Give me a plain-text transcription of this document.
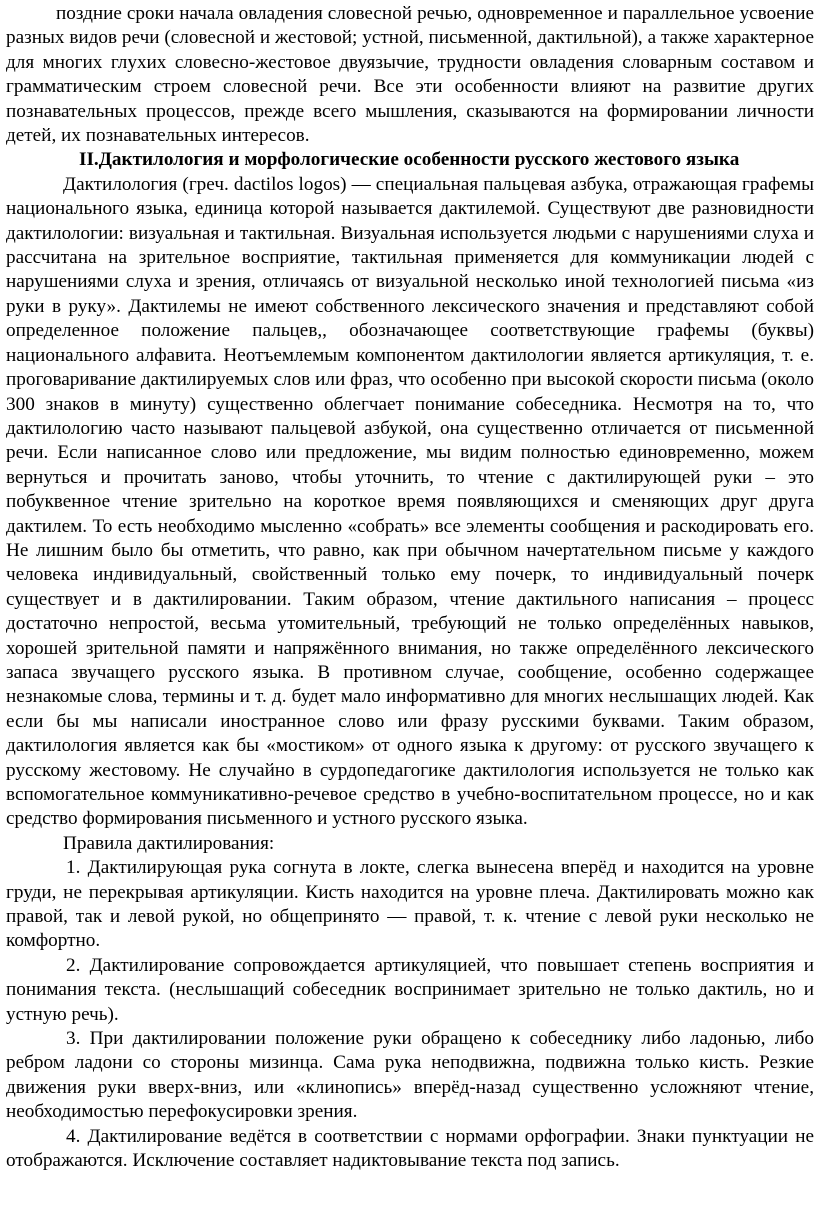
поздние сроки начала овладения словесной речью, одновременное и параллельное усвоение разных видов речи (словесной и жестовой; устной, письменной, дактильной), а также характерное для многих глухих словесно-жестовое двуязычие, трудности овладения словарным составом и грамматическим строем словесной речи. Все эти особенности влияют на развитие других познавательных процессов, прежде всего мышления, сказываются на формировании личности детей, их познавательных интересов.

II.Дактилология и морфологические особенности русского жестового языка

Дактилология (греч. dactilos logos) — специальная пальцевая азбука, отражающая графемы национального языка, единица которой называется дактилемой. Существуют две разновидности дактилологии: визуальная и тактильная. Визуальная используется людьми с нарушениями слуха и рассчитана на зрительное восприятие, тактильная применяется для коммуникации людей с нарушениями слуха и зрения, отличаясь от визуальной несколько иной технологией письма «из руки в руку». Дактилемы не имеют собственного лексического значения и представляют собой определенное положение пальцев,, обозначающее соответствующие графемы (буквы) национального алфавита. Неотъемлемым компонентом дактилологии является артикуляция, т. е. проговаривание дактилируемых слов или фраз, что особенно при высокой скорости письма (около 300 знаков в минуту) существенно облегчает понимание собеседника. Несмотря на то, что дактилологию часто называют пальцевой азбукой, она существенно отличается от письменной речи. Если написанное слово или предложение, мы видим полностью единовременно, можем вернуться и прочитать заново, чтобы уточнить, то чтение с дактилирующей руки – это побуквенное чтение зрительно на короткое время появляющихся и сменяющих друг друга дактилем. То есть необходимо мысленно «собрать» все элементы сообщения и раскодировать его. Не лишним было бы отметить, что равно, как при обычном начертательном письме у каждого человека индивидуальный, свойственный только ему почерк, то индивидуальный почерк существует и в дактилировании. Таким образом, чтение дактильного написания – процесс достаточно непростой, весьма утомительный, требующий не только определённых навыков, хорошей зрительной памяти и напряжённого внимания, но также определённого лексического запаса звучащего русского языка. В противном случае, сообщение, особенно содержащее незнакомые слова, термины и т. д. будет мало информативно для многих неслышащих людей. Как если бы мы написали иностранное слово или фразу русскими буквами. Таким образом, дактилология является как бы «мостиком» от одного языка к другому: от русского звучащего к русскому жестовому. Не случайно в сурдопедагогике дактилология используется не только как вспомогательное коммуникативно-речевое средство в учебно-воспитательном процессе, но и как средство формирования письменного и устного русского языка.

Правила дактилирования:

1. Дактилирующая рука согнута в локте, слегка вынесена вперёд и находится на уровне груди, не перекрывая артикуляции. Кисть находится на уровне плеча. Дактилировать можно как правой, так и левой рукой, но общепринято — правой, т. к. чтение с левой руки несколько не комфортно.

2. Дактилирование сопровождается артикуляцией, что повышает степень восприятия и понимания текста. (неслышащий собеседник воспринимает зрительно не только дактиль, но и устную речь).

3. При дактилировании положение руки обращено к собеседнику либо ладонью, либо ребром ладони со стороны мизинца. Сама рука неподвижна, подвижна только кисть. Резкие движения руки вверх-вниз, или «клинопись» вперёд-назад существенно усложняют чтение, необходимостью перефокусировки зрения.

4. Дактилирование ведётся в соответствии с нормами орфографии. Знаки пунктуации не отображаются. Исключение составляет надиктовывание текста под запись.
